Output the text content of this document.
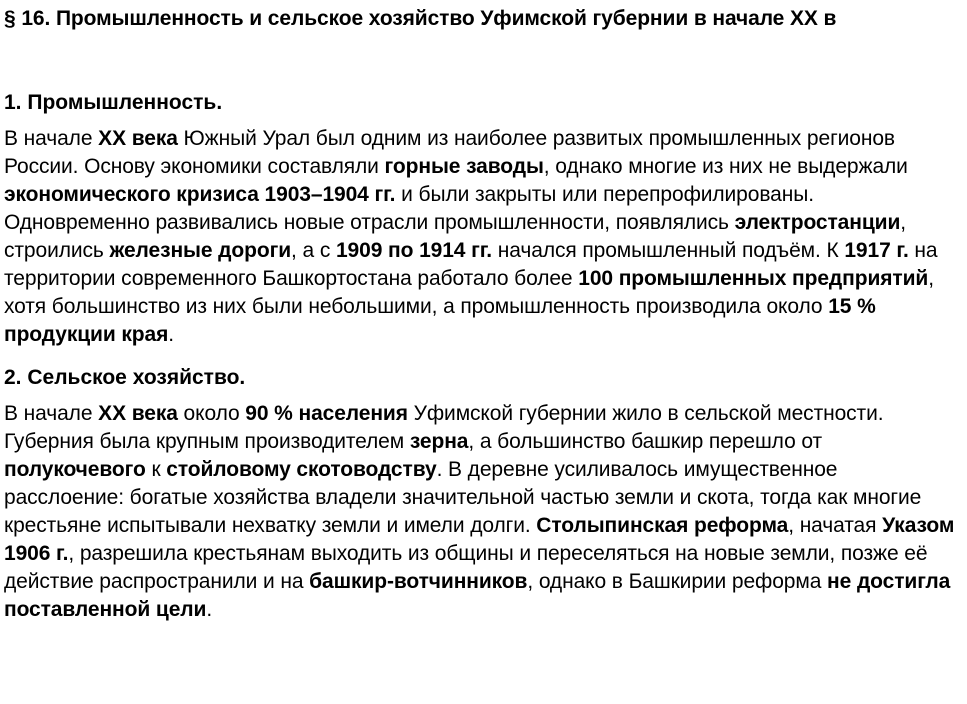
§ 16. Промышленность и сельское хозяйство Уфимской губернии в начале XX в
1. Промышленность.

В начале XX века Южный Урал был одним из наиболее развитых промышленных регионов России. Основу экономики составляли горные заводы, однако многие из них не выдержали экономического кризиса 1903–1904 гг. и были закрыты или перепрофилированы. Одновременно развивались новые отрасли промышленности, появлялись электростанции, строились железные дороги, а с 1909 по 1914 гг. начался промышленный подъём. К 1917 г. на территории современного Башкортостана работало более 100 промышленных предприятий, хотя большинство из них были небольшими, а промышленность производила около 15 % продукции края.

2. Сельское хозяйство.

В начале XX века около 90 % населения Уфимской губернии жило в сельской местности. Губерния была крупным производителем зерна, а большинство башкир перешло от полукочевого к стойловому скотоводству. В деревне усиливалось имущественное расслоение: богатые хозяйства владели значительной частью земли и скота, тогда как многие крестьяне испытывали нехватку земли и имели долги. Столыпинская реформа, начатая Указом 1906 г., разрешила крестьянам выходить из общины и переселяться на новые земли, позже её действие распространили и на башкир-вотчинников, однако в Башкирии реформа не достигла поставленной цели.
